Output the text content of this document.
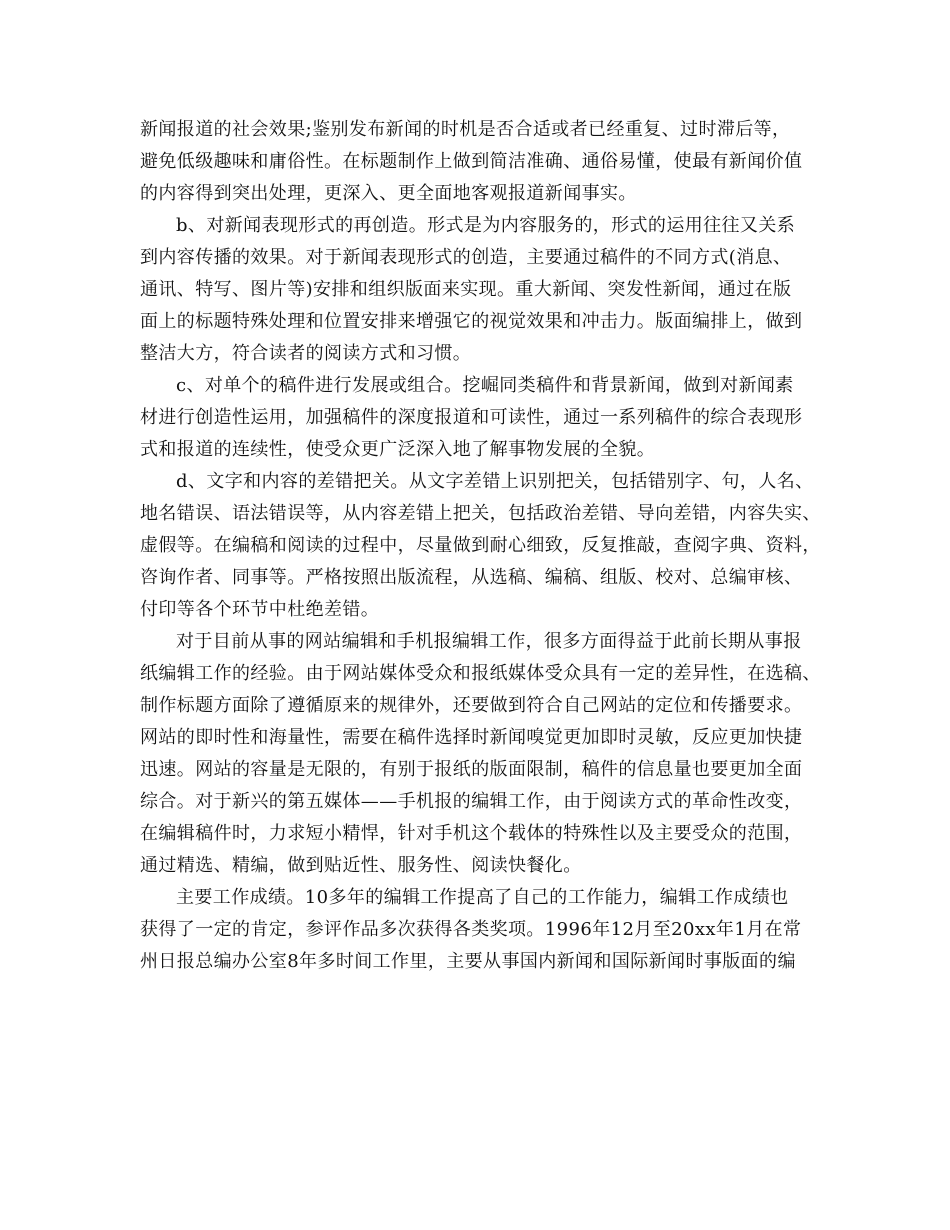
新闻报道的社会效果;鉴别发布新闻的时机是否合适或者已经重复、过时滞后等，
避免低级趣味和庸俗性。在标题制作上做到简洁准确、通俗易懂，使最有新闻价值
的内容得到突出处理，更深入、更全面地客观报道新闻事实。
b、对新闻表现形式的再创造。形式是为内容服务的，形式的运用往往又关系
到内容传播的效果。对于新闻表现形式的创造，主要通过稿件的不同方式(消息、
通讯、特写、图片等)安排和组织版面来实现。重大新闻、突发性新闻，通过在版
面上的标题特殊处理和位置安排来增强它的视觉效果和冲击力。版面编排上，做到
整洁大方，符合读者的阅读方式和习惯。
c、对单个的稿件进行发展或组合。挖崛同类稿件和背景新闻，做到对新闻素
材进行创造性运用，加强稿件的深度报道和可读性，通过一系列稿件的综合表现形
式和报道的连续性，使受众更广泛深入地了解事物发展的全貌。
d、文字和内容的差错把关。从文字差错上识别把关，包括错别字、句，人名、
地名错误、语法错误等，从内容差错上把关，包括政治差错、导向差错，内容失实、
虚假等。在编稿和阅读的过程中，尽量做到耐心细致，反复推敲，查阅字典、资料，
咨询作者、同事等。严格按照出版流程，从选稿、编稿、组版、校对、总编审核、
付印等各个环节中杜绝差错。
对于目前从事的网站编辑和手机报编辑工作，很多方面得益于此前长期从事报
纸编辑工作的经验。由于网站媒体受众和报纸媒体受众具有一定的差异性，在选稿、
制作标题方面除了遵循原来的规律外，还要做到符合自己网站的定位和传播要求。
网站的即时性和海量性，需要在稿件选择时新闻嗅觉更加即时灵敏，反应更加快捷
迅速。网站的容量是无限的，有别于报纸的版面限制，稿件的信息量也要更加全面
综合。对于新兴的第五媒体——手机报的编辑工作，由于阅读方式的革命性改变，
在编辑稿件时，力求短小精悍，针对手机这个载体的特殊性以及主要受众的范围，
通过精选、精编，做到贴近性、服务性、阅读快餐化。
主要工作成绩。10多年的编辑工作提高了自己的工作能力，编辑工作成绩也
获得了一定的肯定，参评作品多次获得各类奖项。1996年12月至20xx年1月在常
州日报总编办公室8年多时间工作里，主要从事国内新闻和国际新闻时事版面的编
